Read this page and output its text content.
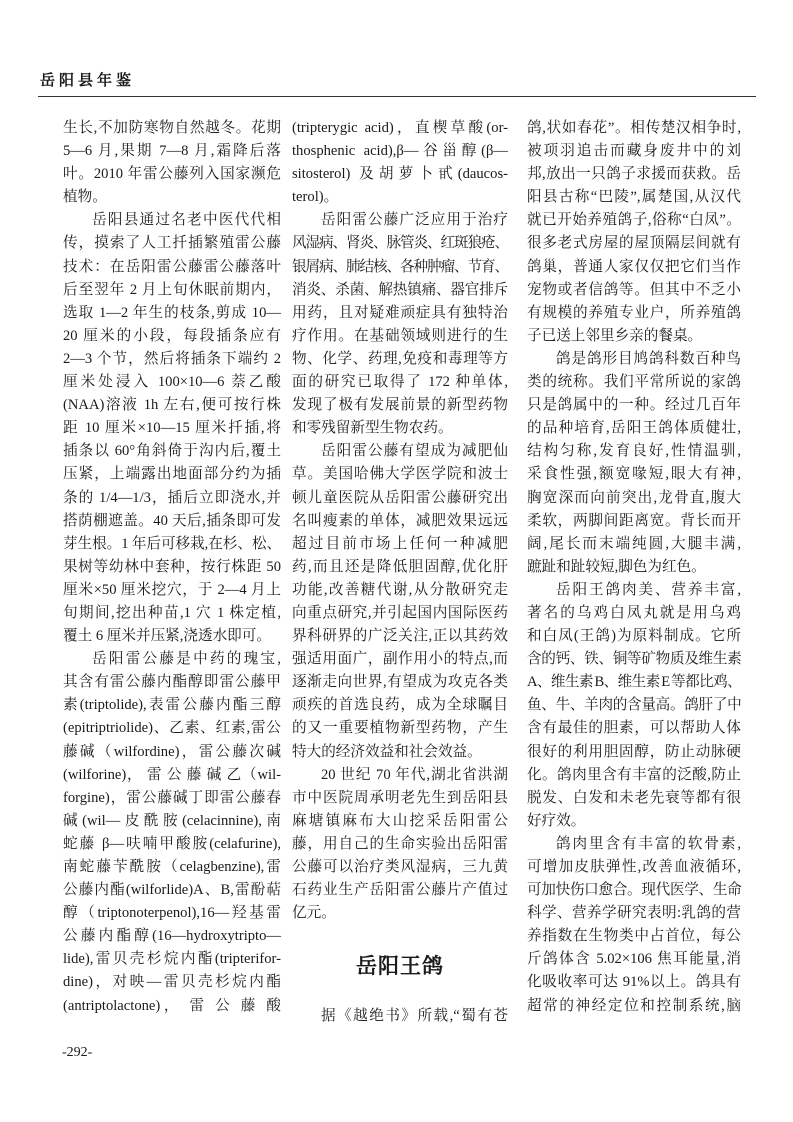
岳阳县年鉴
生长,不加防寒物自然越冬。花期
5—6 月,果期 7—8 月,霜降后落
叶。2010 年雷公藤列入国家濒危
植物。
岳阳县通过名老中医代代相
传，摸索了人工扦插繁殖雷公藤
技术：在岳阳雷公藤雷公藤落叶
后至翌年 2 月上旬休眠前期内，
选取 1—2 年生的枝条,剪成 10—
20 厘米的小段，每段插条应有
2—3 个节，然后将插条下端约 2
厘米处浸入 100×10—6 萘乙酸
(NAA)溶液 1h 左右,便可按行株
距 10 厘米×10—15 厘米扦插,将
插条以 60°角斜倚于沟内后,覆土
压紧，上端露出地面部分约为插
条的 1/4—1/3，插后立即浇水,并
搭荫棚遮盖。40 天后,插条即可发
芽生根。1 年后可移栽,在杉、松、
果树等幼林中套种，按行株距 50
厘米×50 厘米挖穴，于 2—4 月上
旬期间,挖出种苗,1 穴 1 株定植,
覆土 6 厘米并压紧,浇透水即可。
岳阳雷公藤是中药的瑰宝,
其含有雷公藤内酯醇即雷公藤甲
素(triptolide),表雷公藤内酯三醇
(epitriptriolide)、乙素、红素,雷公
藤碱（wilfordine)，雷公藤次碱
(wilforine)， 雷 公 藤 碱 乙（wil-
forgine)，雷公藤碱丁即雷公藤春
碱(wil—皮酰胺(celacinnine),南
蛇藤 β—呋喃甲酸胺(celafurine),
南蛇藤苄酰胺（celagbenzine),雷
公藤内酯(wilforlide)A、B,雷酚萜
醇（triptonoterpenol),16—羟基雷
公藤内酯醇(16—hydroxytripto—
lide),雷贝壳杉烷内酯(tripterifor-
dine)，对映—雷贝壳杉烷内酯
(antriptolactone)， 雷 公 藤 酸
(tripterygic acid)，直楔草酸(or-
thosphenic acid),β—谷甾醇(β—
sitosterol) 及胡萝卜甙(daucos-
terol)。
岳阳雷公藤广泛应用于治疗
风湿病、肾炎、脉管炎、红斑狼疮、
银屑病、肺结核、各种肿瘤、节育、
消炎、杀菌、解热镇痛、器官排斥
用药，且对疑难顽症具有独特治
疗作用。在基础领域则进行的生
物、化学、药理,免疫和毒理等方
面的研究已取得了 172 种单体,
发现了极有发展前景的新型药物
和零残留新型生物农药。
岳阳雷公藤有望成为减肥仙
草。美国哈佛大学医学院和波士
顿儿童医院从岳阳雷公藤研究出
名叫瘦素的单体，减肥效果远远
超过目前市场上任何一种减肥
药,而且还是降低胆固醇,优化肝
功能,改善糖代谢,从分散研究走
向重点研究,并引起国内国际医药
界科研界的广泛关注,正以其药效
强适用面广，副作用小的特点,而
逐渐走向世界,有望成为攻克各类
顽疾的首选良药，成为全球瞩目
的又一重要植物新型药物，产生
特大的经济效益和社会效益。
20 世纪 70 年代,湖北省洪湖
市中医院周承明老先生到岳阳县
麻塘镇麻布大山挖采岳阳雷公
藤，用自己的生命实验出岳阳雷
公藤可以治疗类风湿病，三九黄
石药业生产岳阳雷公藤片产值过
亿元。
鸽,状如春花”。相传楚汉相争时,
被项羽追击而藏身废井中的刘
邦,放出一只鸽子求援而获救。岳
阳县古称“巴陵”,属楚国,从汉代
就已开始养殖鸽子,俗称“白凤”。
很多老式房屋的屋顶隔层间就有
鸽巢，普通人家仅仅把它们当作
宠物或者信鸽等。但其中不乏小
有规模的养殖专业户，所养殖鸽
子已送上邻里乡亲的餐桌。
鸽是鸽形目鸠鸽科数百种鸟
类的统称。我们平常所说的家鸽
只是鸽属中的一种。经过几百年
的品种培育,岳阳王鸽体质健壮,
结构匀称,发育良好,性情温驯,
采食性强,额宽喙短,眼大有神,
胸宽深而向前突出,龙骨直,腹大
柔软，两脚间距离宽。背长而开
阔,尾长而末端纯圆,大腿丰满,
蹠趾和趾较短,脚色为红色。
岳阳王鸽肉美、营养丰富,
著名的乌鸡白凤丸就是用乌鸡
和白凤(王鸽)为原料制成。它所
含的钙、铁、铜等矿物质及维生素
A、维生素 B、维生素 E 等都比鸡、
鱼、牛、羊肉的含量高。鸽肝了中
含有最佳的胆素，可以帮助人体
很好的利用胆固醇，防止动脉硬
化。鸽肉里含有丰富的泛酸,防止
脱发、白发和未老先衰等都有很
好疗效。
鸽肉里含有丰富的软骨素,
可增加皮肤弹性,改善血液循环,
可加快伤口愈合。现代医学、生命
科学、营养学研究表明:乳鸽的营
养指数在生物类中占首位，每公
斤鸽体含 5.02×106 焦耳能量,消
化吸收率可达 91%以上。鸽具有
超常的神经定位和控制系统,脑
岳阳王鸽
据《越绝书》所载,“蜀有苍
-292-
